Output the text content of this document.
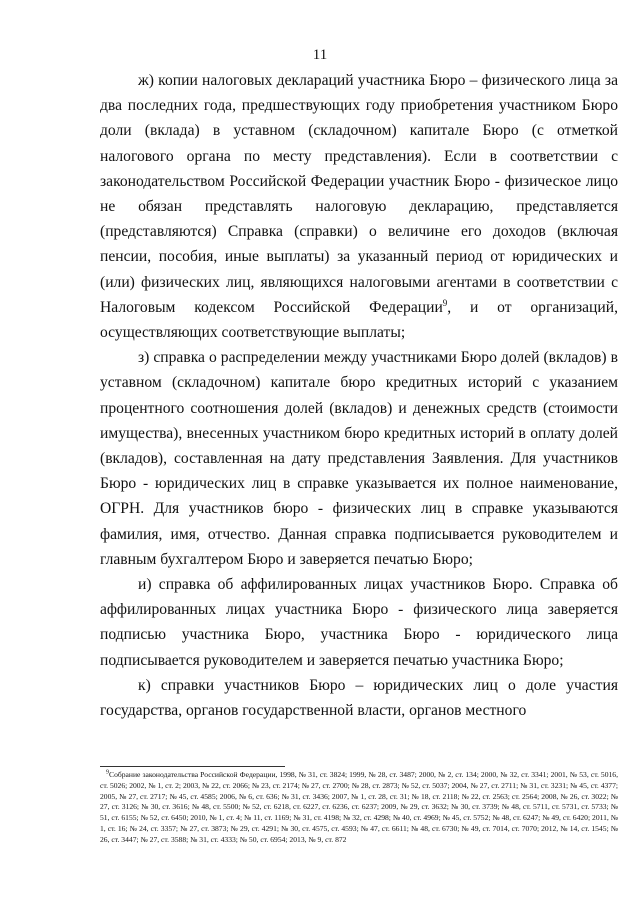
11

ж) копии налоговых деклараций участника Бюро – физического лица за два последних года, предшествующих году приобретения участником Бюро доли (вклада) в уставном (складочном) капитале Бюро (с отметкой налогового органа по месту представления). Если в соответствии с законодательством Российской Федерации участник Бюро - физическое лицо не обязан представлять налоговую декларацию, представляется (представляются) Справка (справки) о величине его доходов (включая пенсии, пособия, иные выплаты) за указанный период от юридических и (или) физических лиц, являющихся налоговыми агентами в соответствии с Налоговым кодексом Российской Федерации$^9$, и от организаций, осуществляющих соответствующие выплаты;

з) справка о распределении между участниками Бюро долей (вкладов) в уставном (складочном) капитале бюро кредитных историй с указанием процентного соотношения долей (вкладов) и денежных средств (стоимости имущества), внесенных участником бюро кредитных историй в оплату долей (вкладов), составленная на дату представления Заявления. Для участников Бюро - юридических лиц в справке указывается их полное наименование, ОГРН. Для участников бюро - физических лиц в справке указываются фамилия, имя, отчество. Данная справка подписывается руководителем и главным бухгалтером Бюро и заверяется печатью Бюро;

и) справка об аффилированных лицах участников Бюро. Справка об аффилированных лицах участника Бюро - физического лица заверяется подписью участника Бюро, участника Бюро - юридического лица подписывается руководителем и заверяется печатью участника Бюро;

к) справки участников Бюро – юридических лиц о доле участия государства, органов государственной власти, органов местного

$^9$Собрание законодательства Российской Федерации, 1998, № 31, ст. 3824; 1999, № 28, ст. 3487; 2000, № 2, ст. 134; 2000, № 32, ст. 3341; 2001, № 53, ст. 5016, ст. 5026; 2002, № 1, ст. 2; 2003, № 22, ст. 2066; № 23, ст. 2174; № 27, ст. 2700; № 28, ст. 2873; № 52, ст. 5037; 2004, № 27, ст. 2711; № 31, ст. 3231; № 45, ст. 4377; 2005, № 27, ст. 2717; № 45, ст. 4585; 2006, № 6, ст. 636; № 31, ст. 3436; 2007, № 1, ст. 28, ст. 31; № 18, ст. 2118; № 22, ст. 2563; ст. 2564; 2008, № 26, ст. 3022; № 27, ст. 3126; № 30, ст. 3616; № 48, ст. 5500; № 52, ст. 6218, ст. 6227, ст. 6236, ст. 6237; 2009, № 29, ст. 3632; № 30, ст. 3739; № 48, ст. 5711, ст. 5731, ст. 5733; № 51, ст. 6155; № 52, ст. 6450; 2010, № 1, ст. 4; № 11, ст. 1169; № 31, ст. 4198; № 32, ст. 4298; № 40, ст. 4969; № 45, ст. 5752; № 48, ст. 6247; № 49, ст. 6420; 2011, № 1, ст. 16; № 24, ст. 3357; № 27, ст. 3873; № 29, ст. 4291; № 30, ст. 4575, ст. 4593; № 47, ст. 6611; № 48, ст. 6730; № 49, ст. 7014, ст. 7070; 2012, № 14, ст. 1545; № 26, ст. 3447; № 27, ст. 3588; № 31, ст. 4333; № 50, ст. 6954; 2013, № 9, ст. 872
